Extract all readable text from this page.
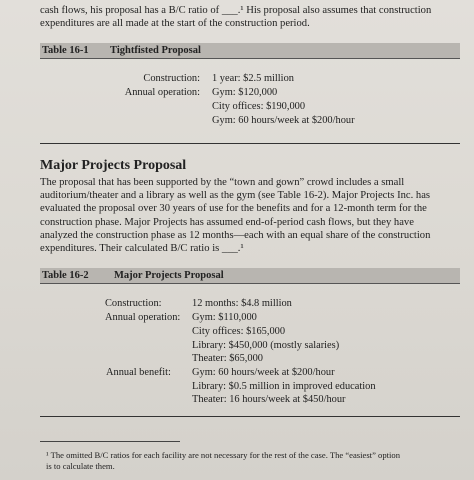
cash flows, his proposal has a B/C ratio of ___.¹ His proposal also assumes that construction
expenditures are all made at the start of the construction period.
Table 16-1 Tightfisted Proposal
Construction: 1 year: $2.5 million
Annual operation: Gym: $120,000
City offices: $190,000
Gym: 60 hours/week at $200/hour
Major Projects Proposal
The proposal that has been supported by the “town and gown” crowd includes a small
auditorium/theater and a library as well as the gym (see Table 16-2). Major Projects Inc. has
evaluated the proposal over 30 years of use for the benefits and for a 12-month term for the
construction phase. Major Projects has assumed end-of-period cash flows, but they have
analyzed the construction phase as 12 months—each with an equal share of the construction
expenditures. Their calculated B/C ratio is ___.¹
Table 16-2 Major Projects Proposal
Construction:	12 months: $4.8 million
Annual operation: Gym: $110,000
City offices: $165,000
Library: $450,000 (mostly salaries)
Theater: $65,000
Annual benefit: Gym: 60 hours/week at $200/hour
Library: $0.5 million in improved education
Theater: 16 hours/week at $450/hour
¹ The omitted B/C ratios for each facility are not necessary for the rest of the case. The “easiest” option
is to calculate them.
